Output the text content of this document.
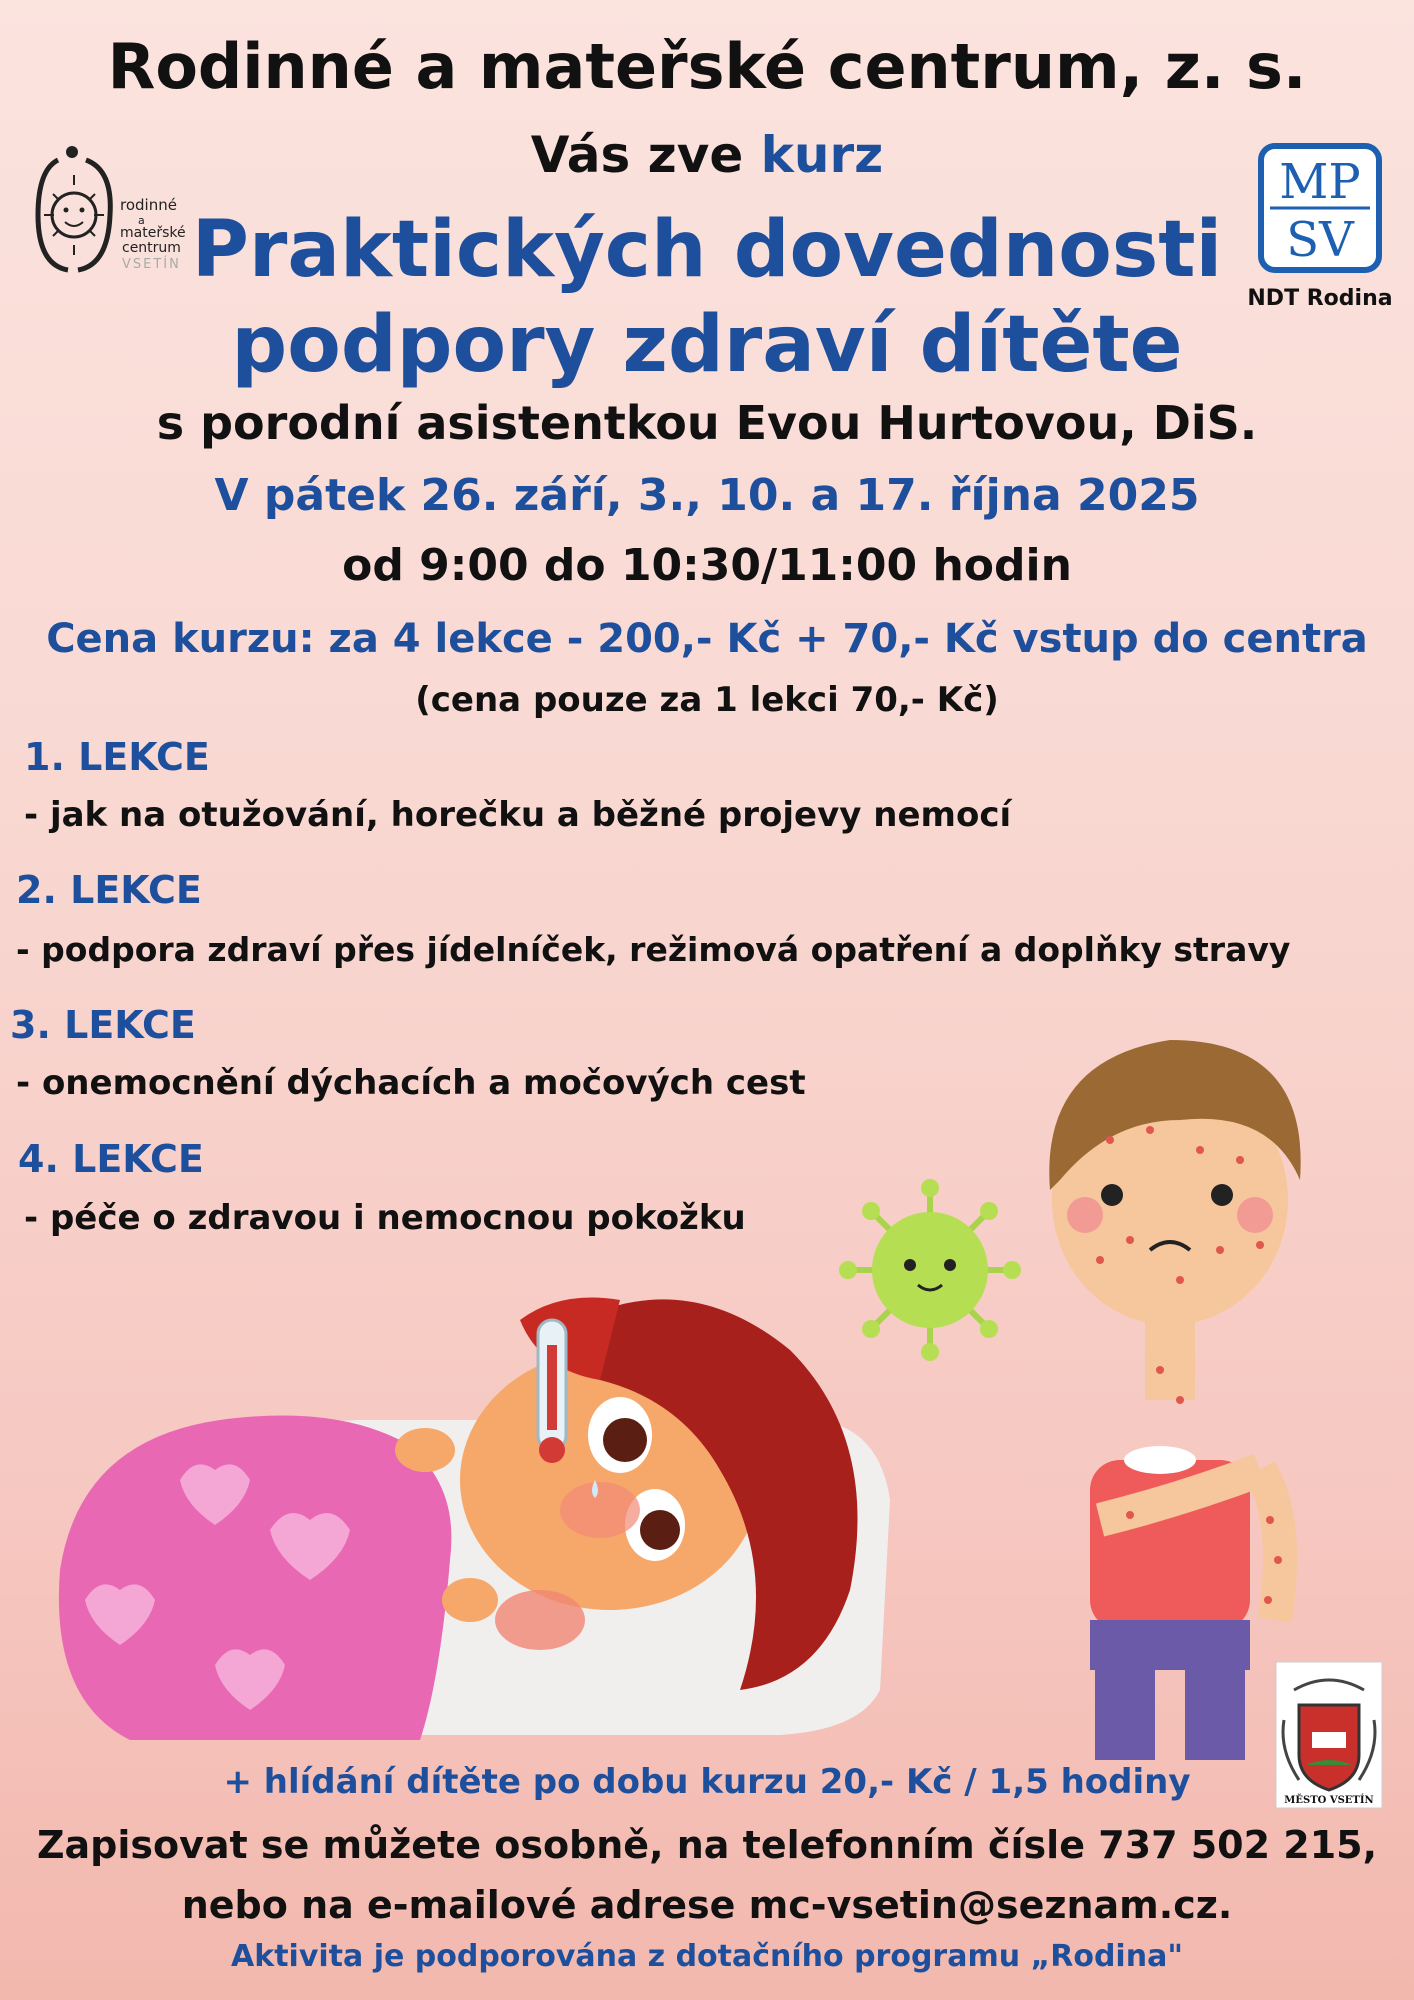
Rodinné a mateřské centrum, z. s.
Vás zve kurz
Praktických dovednosti
podpory zdraví dítěte
s porodní asistentkou Evou Hurtovou, DiS.
V pátek 26. září, 3., 10. a 17. října 2025
od 9:00 do 10:30/11:00 hodin
Cena kurzu: za 4 lekce - 200,- Kč + 70,- Kč vstup do centra
(cena pouze za 1 lekci 70,- Kč)
rodinné
a
mateřské
centrum
VSETÍN
MP
SV
NDT Rodina
1. LEKCE
- jak na otužování, horečku a běžné projevy nemocí
2. LEKCE
- podpora zdraví přes jídelníček, režimová opatření a doplňky stravy
3. LEKCE
- onemocnění dýchacích a močových cest
4. LEKCE
- péče o zdravou i nemocnou pokožku
MĚSTO VSETÍN
+ hlídání dítěte po dobu kurzu 20,- Kč / 1,5 hodiny
Zapisovat se můžete osobně, na telefonním čísle 737 502 215,
nebo na e-mailové adrese mc-vsetin@seznam.cz.
Aktivita je podporována z dotačního programu „Rodina"
